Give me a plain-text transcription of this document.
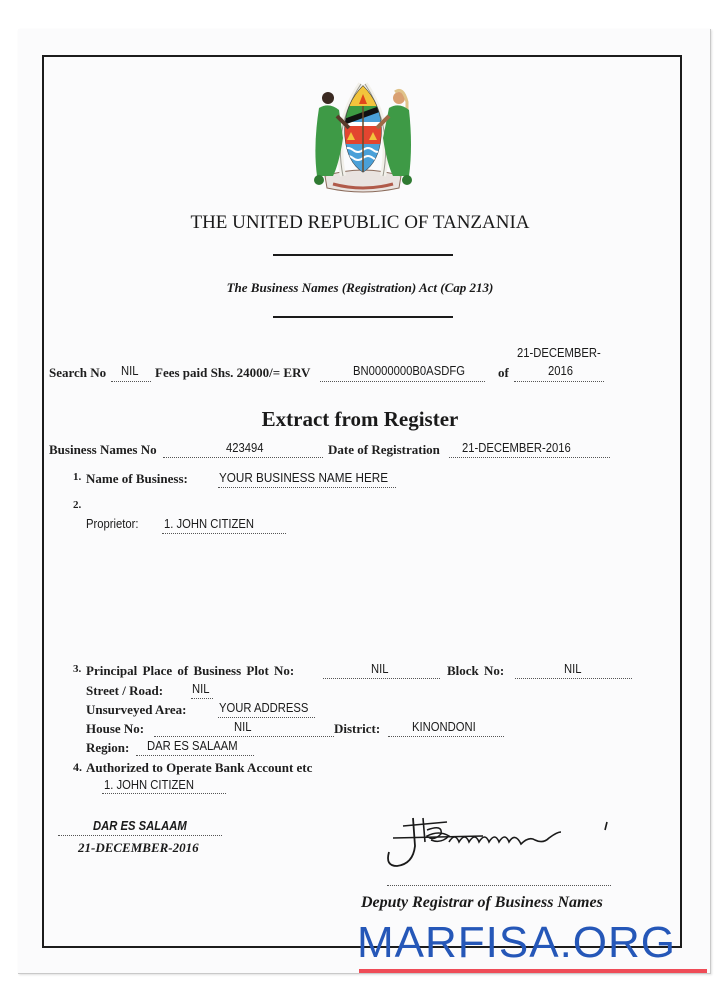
THE UNITED REPUBLIC OF TANZANIA
The Business Names (Registration) Act (Cap 213)
Search No NIL Fees paid Shs. 24000/= ERV	BN0000000B0ASDFG	of
21-DECEMBER-
2016
Extract from Register
Business Names No	423494	Date of Registration 21-DECEMBER-2016
1. Name of Business: YOUR BUSINESS NAME HERE
2.
Proprietor: 1. JOHN CITIZEN
3. Principal Place of Business Plot No:	NIL	Block No:	NIL
Street / Road: NIL
Unsurveyed Area:	YOUR ADDRESS
House No:	NIL	District:	KINONDONI
Region: DAR ES SALAAM
4. Authorized to Operate Bank Account etc
1. JOHN CITIZEN
DAR ES SALAAM
21-DECEMBER-2016
Deputy Registrar of Business Names
MARFISA.ORG
